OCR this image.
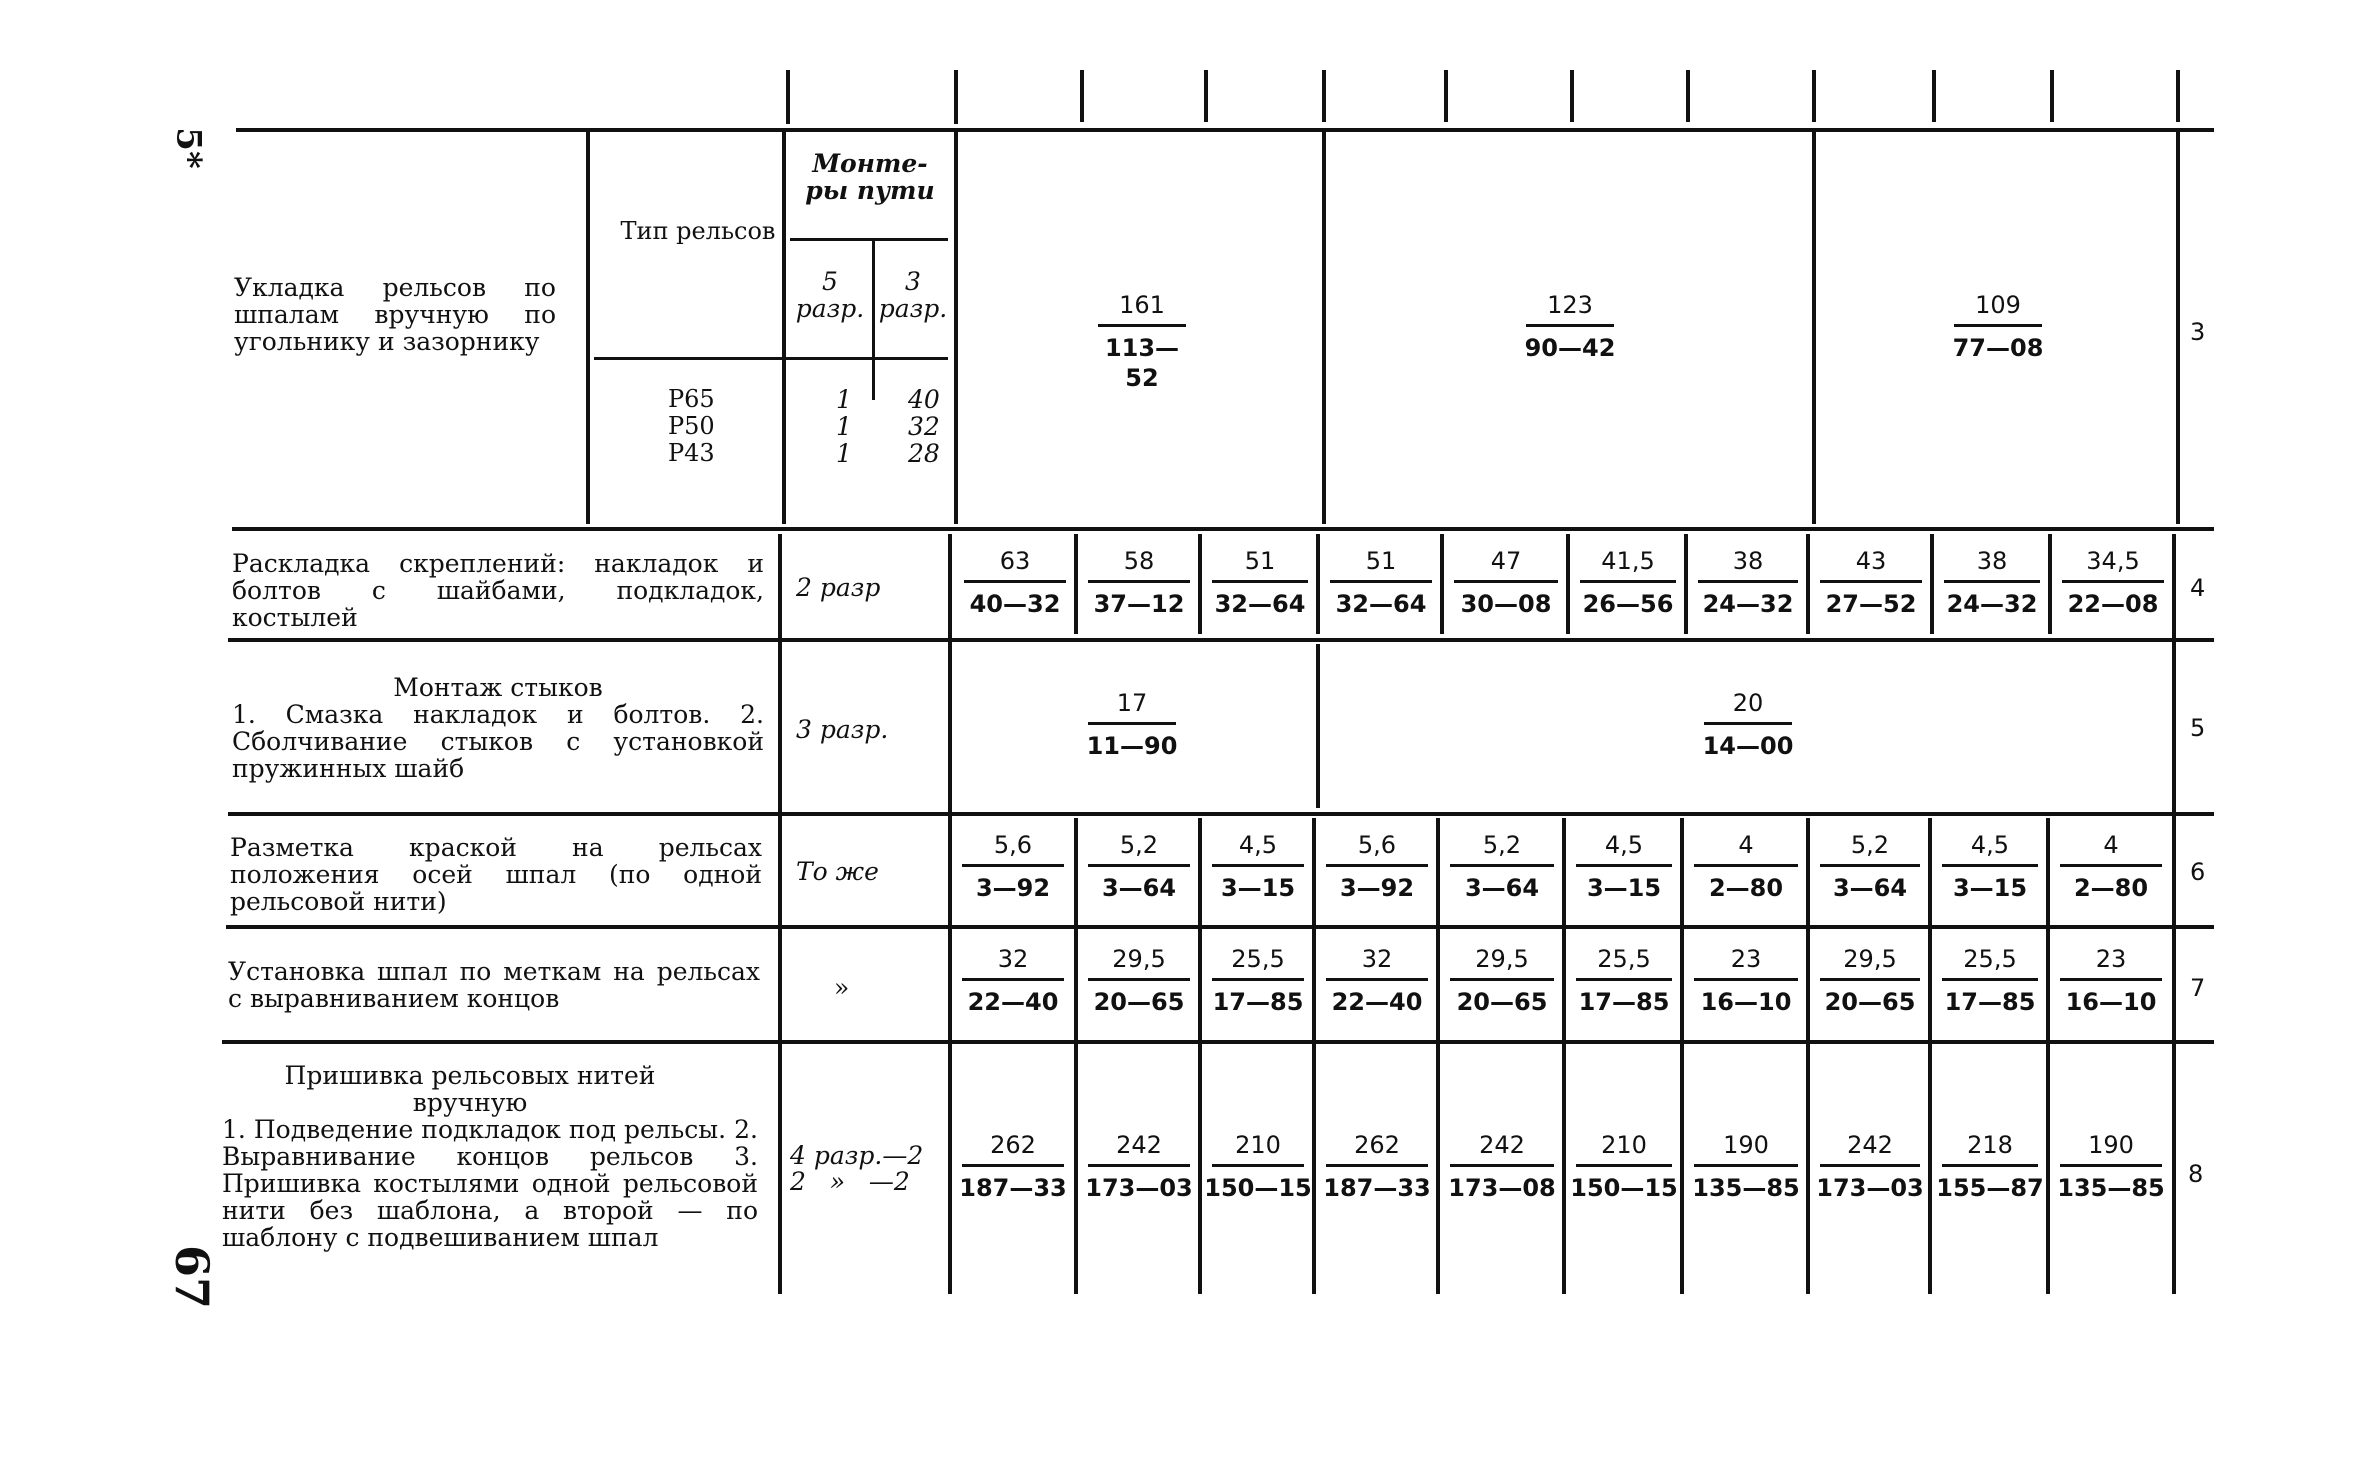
5*
67
Тип рельсов
Монте-ры пути
5 разр.
3 разр.
Р65
Р50
Р43
1
1
1
40
32
28
Укладка рельсов по шпалам вручную по угольнику и зазорнику
161
113—52
123
90—42
109
77—08
3
Раскладка скреплений: накладок и болтов с шайбами, подкладок, костылей
2 разр
63
40—32
58
37—12
51
32—64
51
32—64
47
30—08
41,5
26—56
38
24—32
43
27—52
38
24—32
34,5
22—08
4
Монтаж стыков
1. Смазка накладок и болтов. 2. Сболчивание стыков с установкой пружинных шайб
3 разр.
17
11—90
20
14—00
5
Разметка краской на рельсах положения осей шпал (по одной рельсовой нити)
То же
5,6
3—92
5,2
3—64
4,5
3—15
5,6
3—92
5,2
3—64
4,5
3—15
4
2—80
5,2
3—64
4,5
3—15
4
2—80
6
Установка шпал по меткам на рельсах с выравниванием концов	»
32
22—40
29,5
20—65
25,5
17—85
32
22—40
29,5
20—65
25,5
17—85
23
16—10
29,5
20—65
25,5
17—85
23
16—10	7
Пришивка рельсовых нитей вручную
1. Подведение подкладок под рельсы. 2. Выравнивание концов рельсов 3. Пришивка костылями одной рельсовой нити без шаблона, а второй — по шаблону с подвешиванием шпал
4 разр.—2
2   »   —2
262
187—33
242
173—03
210
150—15
262
187—33
242
173—08
210
150—15
190
135—85
242
173—03
218
155—87
190
135—85 8
